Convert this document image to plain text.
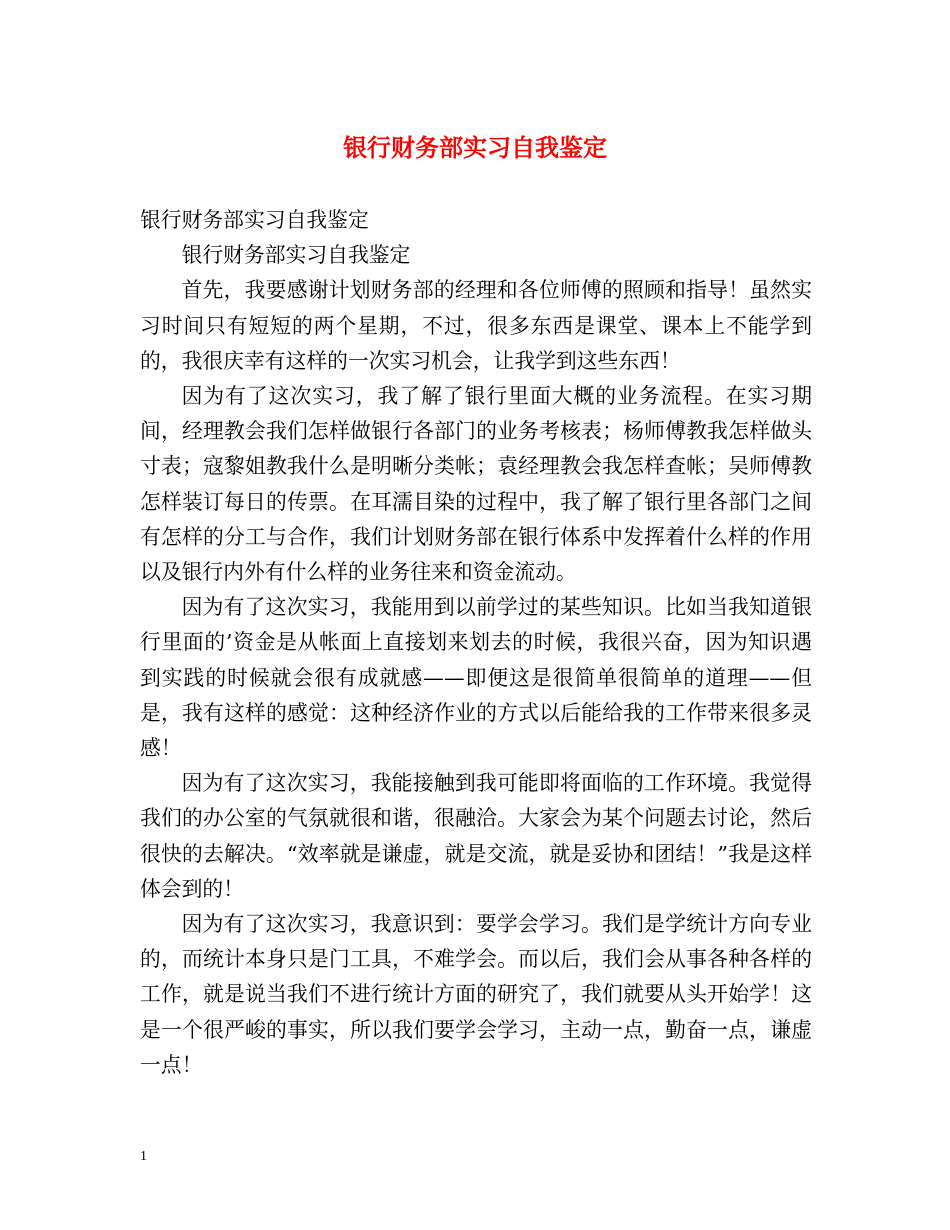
银行财务部实习自我鉴定

银行财务部实习自我鉴定

银行财务部实习自我鉴定

首先，我要感谢计划财务部的经理和各位师傅的照顾和指导！虽然实习时间只有短短的两个星期，不过，很多东西是课堂、课本上不能学到的，我很庆幸有这样的一次实习机会，让我学到这些东西！

因为有了这次实习，我了解了银行里面大概的业务流程。在实习期间，经理教会我们怎样做银行各部门的业务考核表；杨师傅教我怎样做头寸表；寇黎姐教我什么是明晰分类帐；袁经理教会我怎样查帐；吴师傅教怎样装订每日的传票。在耳濡目染的过程中，我了解了银行里各部门之间有怎样的分工与合作，我们计划财务部在银行体系中发挥着什么样的作用以及银行内外有什么样的业务往来和资金流动。

因为有了这次实习，我能用到以前学过的某些知识。比如当我知道银行里面的’资金是从帐面上直接划来划去的时候，我很兴奋，因为知识遇到实践的时候就会很有成就感——即便这是很简单很简单的道理——但是，我有这样的感觉：这种经济作业的方式以后能给我的工作带来很多灵感！

因为有了这次实习，我能接触到我可能即将面临的工作环境。我觉得我们的办公室的气氛就很和谐，很融洽。大家会为某个问题去讨论，然后很快的去解决。“效率就是谦虚，就是交流，就是妥协和团结！”我是这样体会到的！

因为有了这次实习，我意识到：要学会学习。我们是学统计方向专业的，而统计本身只是门工具，不难学会。而以后，我们会从事各种各样的工作，就是说当我们不进行统计方面的研究了，我们就要从头开始学！这是一个很严峻的事实，所以我们要学会学习，主动一点，勤奋一点，谦虚一点！

1
